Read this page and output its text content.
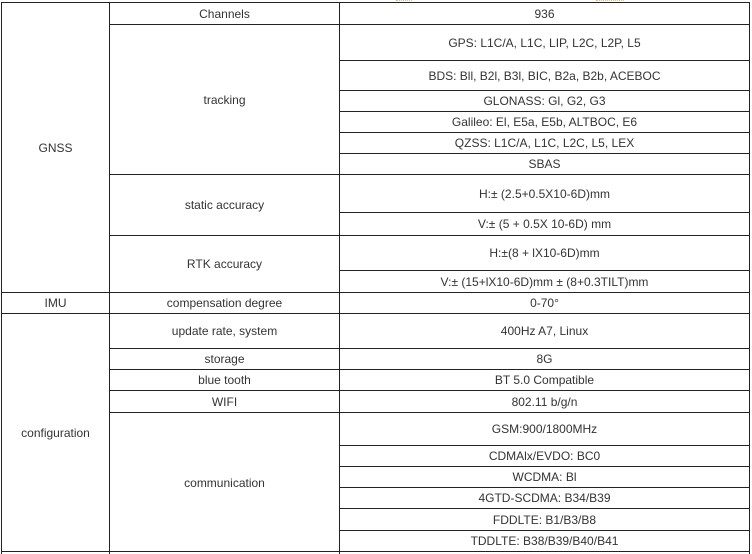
GNSS
IMU
configuration
Channels
tracking
static accuracy
RTK accuracy
compensation degree
update rate, system
storage
blue tooth
WIFI
communication
936
GPS: L1C/A, L1C, LIP, L2C, L2P, L5
BDS: Bll, B2l, B3l, BIC, B2a, B2b, ACEBOC
GLONASS: Gl, G2, G3
Galileo: El, E5a, E5b, ALTBOC, E6
QZSS: L1C/A, L1C, L2C, L5, LEX
SBAS
H:± (2.5+0.5X10-6D)mm
V:± (5 + 0.5X 10-6D) mm
H:±(8 + lX10-6D)mm
V:± (15+lX10-6D)mm ± (8+0.3TILT)mm
0-70°
400Hz A7, Linux
8G
BT 5.0 Compatible
802.11 b/g/n
GSM:900/1800MHz
CDMAlx/EVDO: BC0
WCDMA: Bl
4GTD-SCDMA: B34/B39
FDDLTE: B1/B3/B8
TDDLTE: B38/B39/B40/B41
